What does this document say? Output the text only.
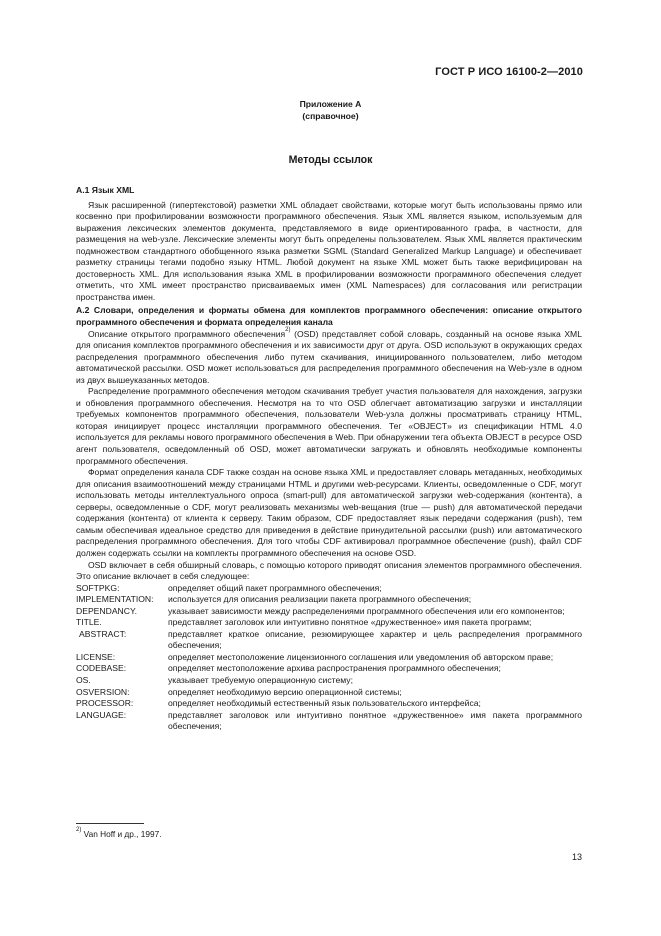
ГОСТ Р ИСО 16100-2—2010
Приложение А
(справочное)
Методы ссылок

А.1 Язык XML

Язык расширенной (гипертекстовой) разметки XML обладает свойствами, которые могут быть использованы прямо или косвенно при профилировании возможности программного обеспечения. Язык XML является языком, используемым для выражения лексических элементов документа, представляемого в виде ориентированного графа, в частности, для размещения на web-узле. Лексические элементы могут быть определены пользователем. Язык XML является практическим подмножеством стандартного обобщенного языка разметки SGML (Standard Generalized Markup Language) и обеспечивает разметку страницы тегами подобно языку HTML. Любой документ на языке XML может быть также верифицирован на достоверность XML. Для использования языка XML в профилировании возможности программного обеспечения следует отметить, что XML имеет пространство присваиваемых имен (XML Namespaces) для согласования или регистрации пространства имен.

А.2 Словари, определения и форматы обмена для комплектов программного обеспечения: описание открытого программного обеспечения и формата определения канала

Описание открытого программного обеспечения$^{2)}$ (OSD) представляет собой словарь, созданный на основе языка XML для описания комплектов программного обеспечения и их зависимости друг от друга. OSD используют в окружающих средах распределения программного обеспечения либо путем скачивания, инициированного пользователем, либо методом автоматической рассылки. OSD может использоваться для распределения программного обеспечения на Web-узле в одном из двух вышеуказанных методов.

Распределение программного обеспечения методом скачивания требует участия пользователя для нахождения, загрузки и обновления программного обеспечения. Несмотря на то что OSD облегчает автоматизацию загрузки и инсталляции требуемых компонентов программного обеспечения, пользователи Web-узла должны просматривать страницу HTML, которая инициирует процесс инсталляции программного обеспечения. Тег «OBJECT» из спецификации HTML 4.0 используется для рекламы нового программного обеспечения в Web. При обнаружении тега объекта OBJECT в ресурсе OSD агент пользователя, осведомленный об OSD, может автоматически загружать и обновлять необходимые компоненты программного обеспечения.

Формат определения канала CDF также создан на основе языка XML и предоставляет словарь метаданных, необходимых для описания взаимоотношений между страницами HTML и другими web-ресурсами. Клиенты, осведомленные о CDF, могут использовать методы интеллектуального опроса (smart-pull) для автоматической загрузки web-содержания (контента), а серверы, осведомленные о CDF, могут реализовать механизмы web-вещания (true — push) для автоматической передачи содержания (контента) от клиента к серверу. Таким образом, CDF предоставляет язык передачи содержания (push), тем самым обеспечивая идеальное средство для приведения в действие принудительной рассылки (push) или автоматического распределения программного обеспечения. Для того чтобы CDF активировал программное обеспечение (push), файл CDF должен содержать ссылки на комплекты программного обеспечения на основе OSD.

OSD включает в себя обширный словарь, с помощью которого приводят описания элементов программного обеспечения. Это описание включает в себя следующее:

SOFTPKG:	определяет общий пакет программного обеспечения;
IMPLEMENTATION:	используется для описания реализации пакета программного обеспечения;
DEPENDANCY.	указывает зависимости между распределениями программного обеспечения или его компонентов;
TITLE.	представляет заголовок или интуитивно понятное «дружественное» имя пакета программ;
ABSTRACT:	представляет краткое описание, резюмирующее характер и цель распределения программного обеспечения;
LICENSE:	определяет местоположение лицензионного соглашения или уведомления об авторском праве;
CODEBASE:	определяет местоположение архива распространения программного обеспечения;
OS.	указывает требуемую операционную систему;
OSVERSION:	определяет необходимую версию операционной системы;
PROCESSOR:	определяет необходимый естественный язык пользовательского интерфейса;
LANGUAGE:	представляет заголовок или интуитивно понятное «дружественное» имя пакета программного обеспечения;
$^{2)}$ Van Hoff и др., 1997.
13
